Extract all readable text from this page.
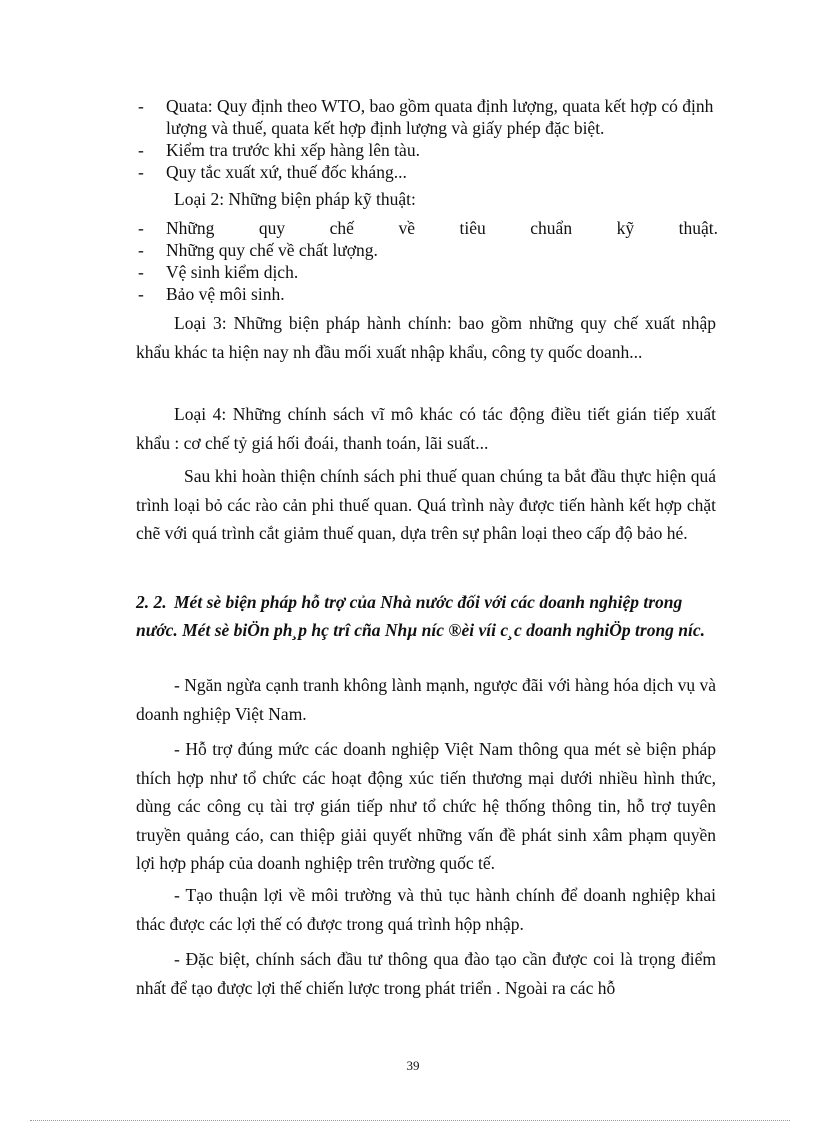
- Quata: Quy định theo WTO, bao gồm quata định lượng, quata kết hợp có định lượng và thuế, quata kết hợp định lượng và giấy phép đặc biệt.
- Kiểm tra trước khi xếp hàng lên tàu.
- Quy tắc xuất xứ, thuế đốc kháng...
Loại 2: Những biện pháp kỹ thuật:
- Những	quy	chế	về	tiêu	chuẩn	kỹ	thuật.
- Những quy chế về chất lượng.
- Vệ sinh kiểm dịch.
- Bảo vệ môi sinh.

Loại 3: Những biện pháp hành chính: bao gồm những quy chế xuất nhập khẩu khác ta hiện nay nh đầu mối xuất nhập khẩu, công ty quốc doanh...

Loại 4: Những chính sách vĩ mô khác có tác động điều tiết gián tiếp xuất khẩu : cơ chế tỷ giá hối đoái, thanh toán, lãi suất...

Sau khi hoàn thiện chính sách phi thuế quan chúng ta bắt đầu thực hiện quá trình loại bỏ các rào cản phi thuế quan. Quá trình này được tiến hành kết hợp chặt chẽ với quá trình cắt giảm thuế quan, dựa trên sự phân loại theo cấp độ bảo hé.

2. 2. Mét sè biện pháp hỗ trợ của Nhà nước đối với các doanh nghiệp trong nước. Mét sè biÖn ph¸p hç trî cña Nhµ níc ®èi víi c¸c doanh nghiÖp trong níc.

- Ngăn ngừa cạnh tranh không lành mạnh, ngược đãi với hàng hóa dịch vụ và doanh nghiệp Việt Nam.

- Hỗ trợ đúng mức các doanh nghiệp Việt Nam thông qua mét sè biện pháp thích hợp như tổ chức các hoạt động xúc tiến thương mại dưới nhiều hình thức, dùng các công cụ tài trợ gián tiếp như tổ chức hệ thống thông tin, hỗ trợ tuyên truyền quảng cáo, can thiệp giải quyết những vấn đề phát sinh xâm phạm quyền lợi hợp pháp của doanh nghiệp trên trường quốc tế.

- Tạo thuận lợi về môi trường và thủ tục hành chính để doanh nghiệp khai thác được các lợi thế có được trong quá trình hộp nhập.

- Đặc biệt, chính sách đầu tư thông qua đào tạo cần được coi là trọng điểm nhất để tạo được lợi thế chiến lược trong phát triển . Ngoài ra các hỗ

39
